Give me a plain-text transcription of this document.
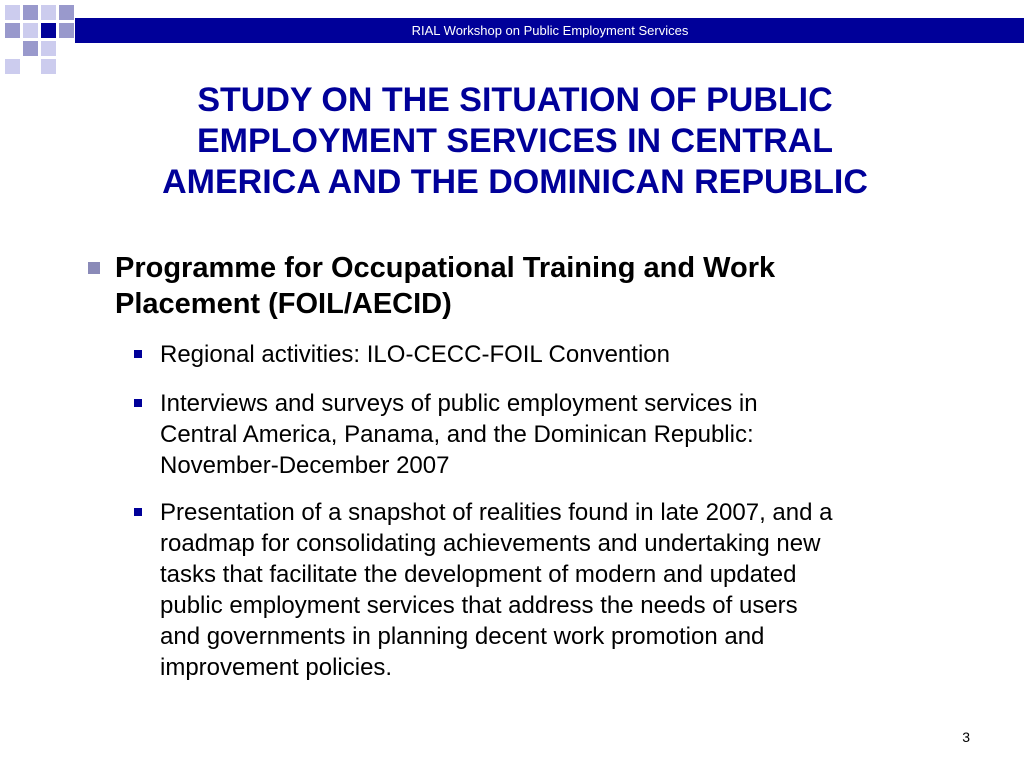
RIAL Workshop on Public Employment Services
STUDY ON THE SITUATION OF PUBLIC
EMPLOYMENT SERVICES IN CENTRAL
AMERICA AND THE DOMINICAN REPUBLIC
Programme for Occupational Training and Work
Placement (FOIL/AECID)
Regional activities: ILO-CECC-FOIL Convention
Interviews and surveys of public employment services in
Central America, Panama, and the Dominican Republic:
November-December 2007
Presentation of a snapshot of realities found in late 2007, and a
roadmap for consolidating achievements and undertaking new
tasks that facilitate the development of modern and updated
public employment services that address the needs of users
and governments in planning decent work promotion and
improvement policies.
3
